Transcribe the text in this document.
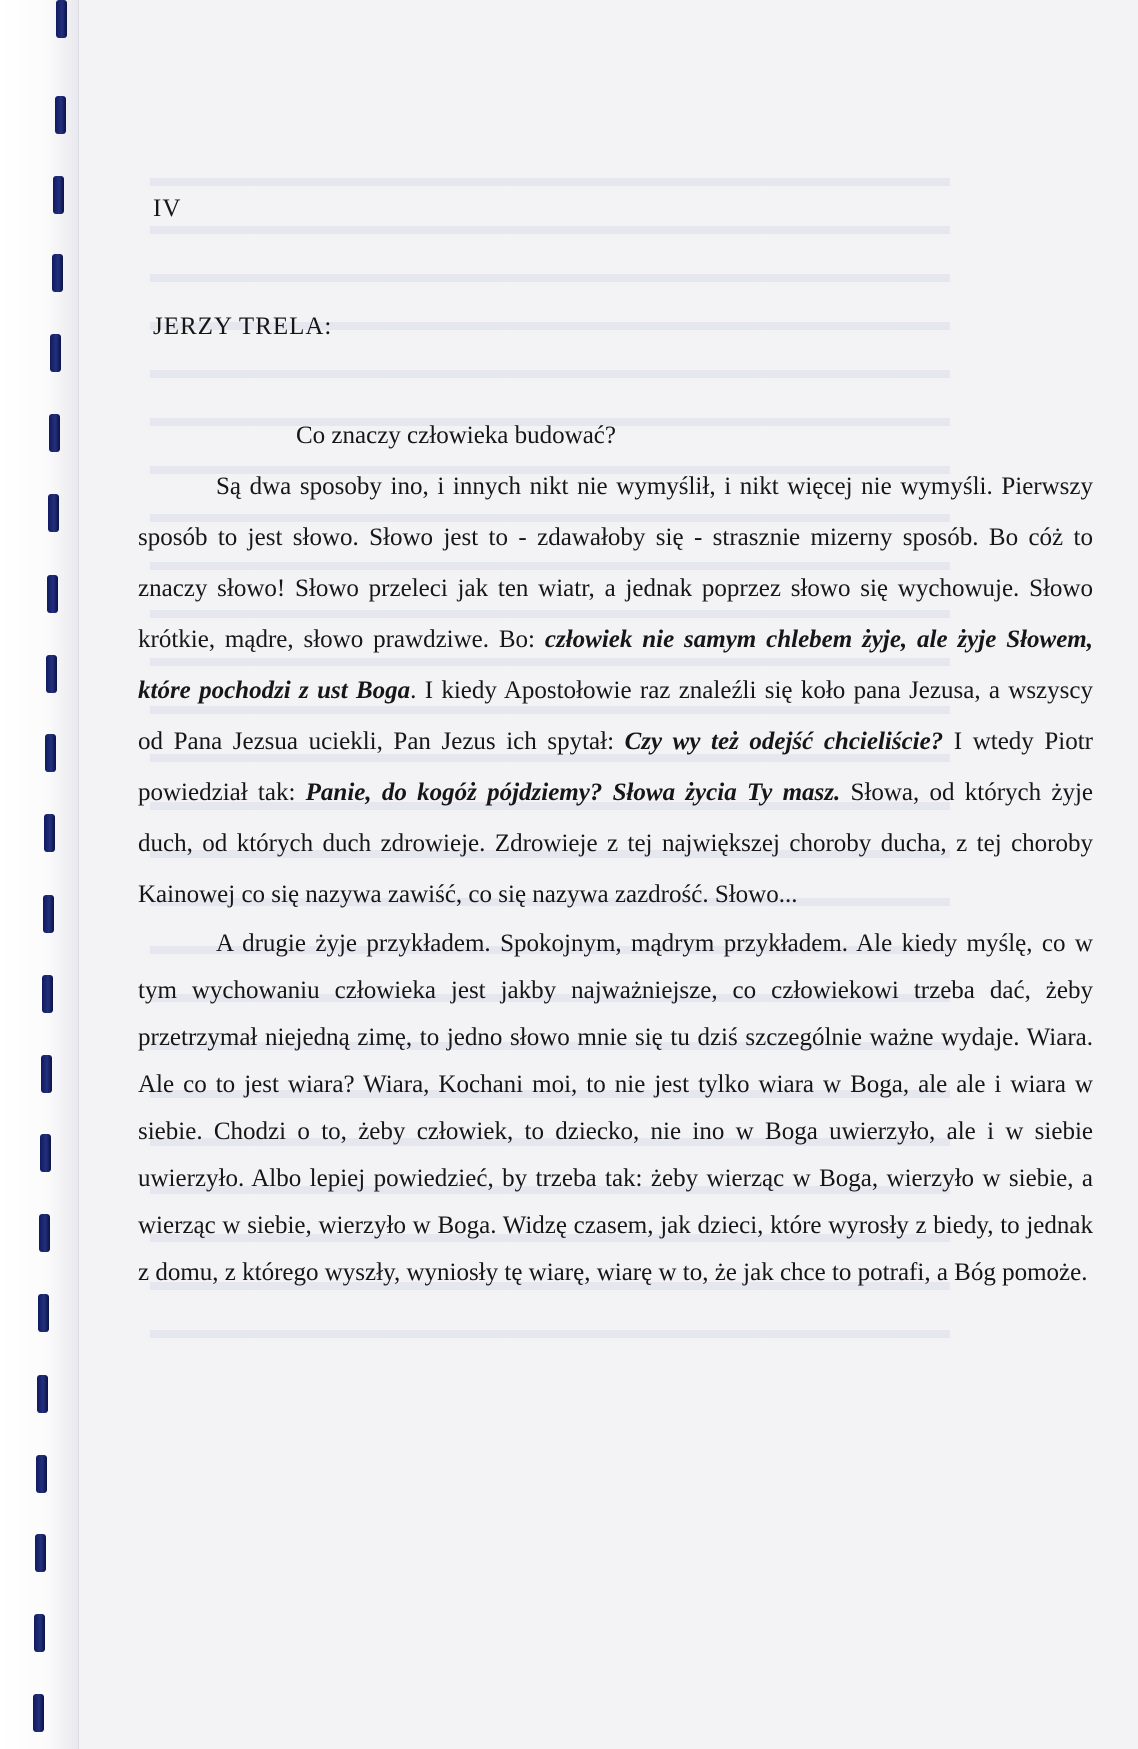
IV
JERZY TRELA:

Co znaczy człowieka budować?

Są dwa sposoby ino, i innych nikt nie wymyślił, i nikt więcej nie wymyśli. Pierwszy sposób to jest słowo. Słowo jest to - zdawałoby się - strasznie mizerny sposób. Bo cóż to znaczy słowo! Słowo przeleci jak ten wiatr, a jednak poprzez słowo się wychowuje. Słowo krótkie, mądre, słowo prawdziwe. Bo: człowiek nie samym chlebem żyje, ale żyje Słowem, które pochodzi z ust Boga. I kiedy Apostołowie raz znaleźli się koło pana Jezusa, a wszyscy od Pana Jezsua uciekli, Pan Jezus ich spytał: Czy wy też odejść chcieliście? I wtedy Piotr powiedział tak: Panie, do kogóż pójdziemy? Słowa życia Ty masz. Słowa, od których żyje duch, od których duch zdrowieje. Zdrowieje z tej największej choroby ducha, z tej choroby Kainowej co się nazywa zawiść, co się nazywa zazdrość. Słowo...

A drugie żyje przykładem. Spokojnym, mądrym przykładem. Ale kiedy myślę, co w tym wychowaniu człowieka jest jakby najważniejsze, co człowiekowi trzeba dać, żeby przetrzymał niejedną zimę, to jedno słowo mnie się tu dziś szczególnie ważne wydaje. Wiara. Ale co to jest wiara? Wiara, Kochani moi, to nie jest tylko wiara w Boga, ale ale i wiara w siebie. Chodzi o to, żeby człowiek, to dziecko, nie ino w Boga uwierzyło, ale i w siebie uwierzyło. Albo lepiej powiedzieć, by trzeba tak: żeby wierząc w Boga, wierzyło w siebie, a wierząc w siebie, wierzyło w Boga. Widzę czasem, jak dzieci, które wyrosły z biedy, to jednak z domu, z którego wyszły, wyniosły tę wiarę, wiarę w to, że jak chce to potrafi, a Bóg pomoże.
